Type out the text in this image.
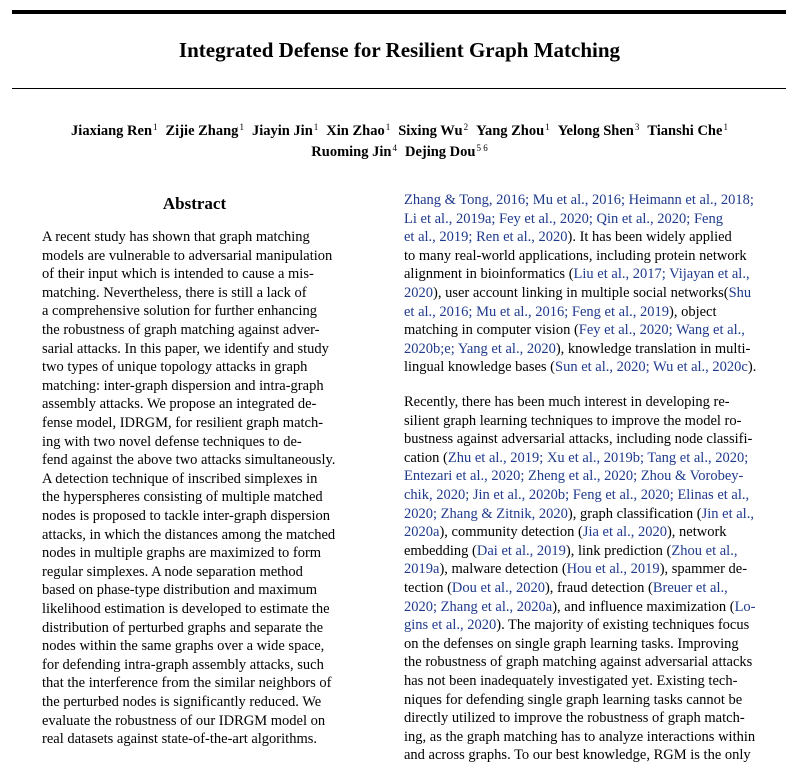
Integrated Defense for Resilient Graph Matching
Jiaxiang Ren$^1$ Zijie Zhang$^1$ Jiayin Jin$^1$ Xin Zhao$^1$ Sixing Wu$^2$ Yang Zhou$^1$ Yelong Shen$^3$ Tianshi Che$^1$
Ruoming Jin$^4$ Dejing Dou$^{5 6}$
Abstract
A recent study has shown that graph matching
models are vulnerable to adversarial manipulation
of their input which is intended to cause a mis-
matching. Nevertheless, there is still a lack of
a comprehensive solution for further enhancing
the robustness of graph matching against adver-
sarial attacks. In this paper, we identify and study
two types of unique topology attacks in graph
matching: inter-graph dispersion and intra-graph
assembly attacks. We propose an integrated de-
fense model, IDRGM, for resilient graph match-
ing with two novel defense techniques to de-
fend against the above two attacks simultaneously.
A detection technique of inscribed simplexes in
the hyperspheres consisting of multiple matched
nodes is proposed to tackle inter-graph dispersion
attacks, in which the distances among the matched
nodes in multiple graphs are maximized to form
regular simplexes. A node separation method
based on phase-type distribution and maximum
likelihood estimation is developed to estimate the
distribution of perturbed graphs and separate the
nodes within the same graphs over a wide space,
for defending intra-graph assembly attacks, such
that the interference from the similar neighbors of
the perturbed nodes is significantly reduced. We
evaluate the robustness of our IDRGM model on
real datasets against state-of-the-art algorithms.
Zhang & Tong, 2016; Mu et al., 2016; Heimann et al., 2018;
Li et al., 2019a; Fey et al., 2020; Qin et al., 2020; Feng
et al., 2019; Ren et al., 2020). It has been widely applied
to many real-world applications, including protein network
alignment in bioinformatics (Liu et al., 2017; Vijayan et al.,
2020), user account linking in multiple social networks(Shu
et al., 2016; Mu et al., 2016; Feng et al., 2019), object
matching in computer vision (Fey et al., 2020; Wang et al.,
2020b;e; Yang et al., 2020), knowledge translation in multi-
lingual knowledge bases (Sun et al., 2020; Wu et al., 2020c).
Recently, there has been much interest in developing re-
silient graph learning techniques to improve the model ro-
bustness against adversarial attacks, including node classifi-
cation (Zhu et al., 2019; Xu et al., 2019b; Tang et al., 2020;
Entezari et al., 2020; Zheng et al., 2020; Zhou & Vorobey-
chik, 2020; Jin et al., 2020b; Feng et al., 2020; Elinas et al.,
2020; Zhang & Zitnik, 2020), graph classification (Jin et al.,
2020a), community detection (Jia et al., 2020), network
embedding (Dai et al., 2019), link prediction (Zhou et al.,
2019a), malware detection (Hou et al., 2019), spammer de-
tection (Dou et al., 2020), fraud detection (Breuer et al.,
2020; Zhang et al., 2020a), and influence maximization (Lo-
gins et al., 2020). The majority of existing techniques focus
on the defenses on single graph learning tasks. Improving
the robustness of graph matching against adversarial attacks
has not been inadequately investigated yet. Existing tech-
niques for defending single graph learning tasks cannot be
directly utilized to improve the robustness of graph match-
ing, as the graph matching has to analyze interactions within
and across graphs. To our best knowledge, RGM is the only
